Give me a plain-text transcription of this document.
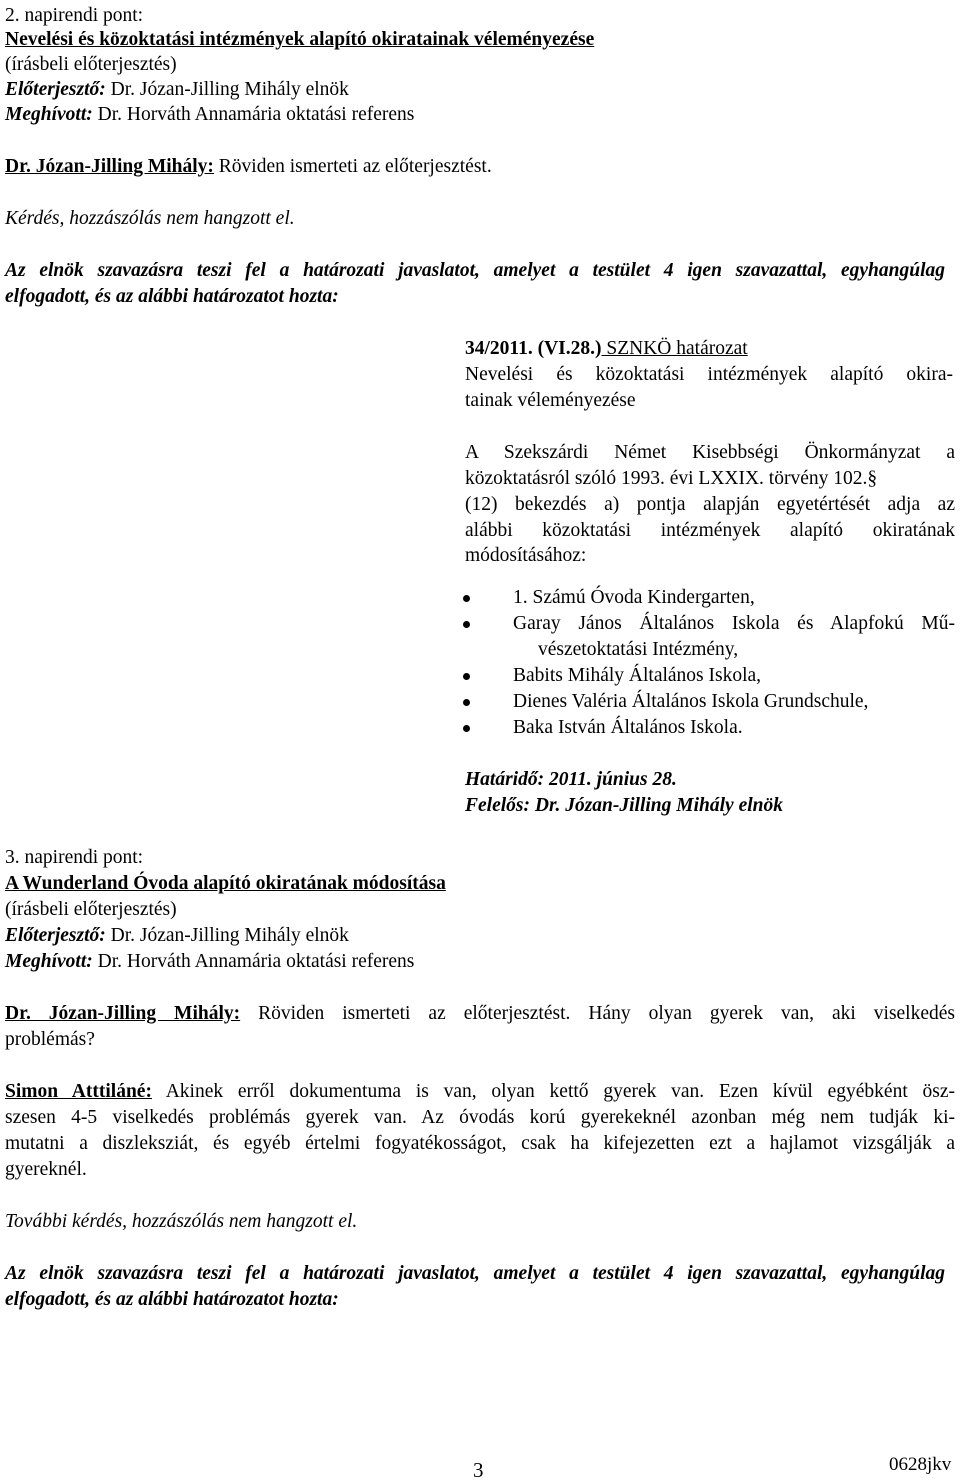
2. napirendi pont:
Nevelési és közoktatási intézmények alapító okiratainak véleményezése
(írásbeli előterjesztés)
Előterjesztő: Dr. Józan-Jilling Mihály elnök
Meghívott: Dr. Horváth Annamária oktatási referens
Dr. Józan-Jilling Mihály: Röviden ismerteti az előterjesztést.
Kérdés, hozzászólás nem hangzott el.
Az elnök szavazásra teszi fel a határozati javaslatot, amelyet a testület 4 igen szavazattal, egyhangúlag
elfogadott, és az alábbi határozatot hozta:
34/2011. (VI.28.) SZNKÖ határozat
Nevelési és közoktatási intézmények alapító okira-
tainak véleményezése
A Szekszárdi Német Kisebbségi Önkormányzat a
közoktatásról szóló 1993. évi LXXIX. törvény 102.§
(12) bekezdés a) pontja alapján egyetértését adja az
alábbi közoktatási intézmények alapító okiratának
módosításához:
1. Számú Óvoda Kindergarten,
Garay János Általános Iskola és Alapfokú Mű-
vészetoktatási Intézmény,
Babits Mihály Általános Iskola,
Dienes Valéria Általános Iskola Grundschule,
Baka István Általános Iskola.
Határidő: 2011. június 28.
Felelős: Dr. Józan-Jilling Mihály elnök
3. napirendi pont:
A Wunderland Óvoda alapító okiratának módosítása
(írásbeli előterjesztés)
Előterjesztő: Dr. Józan-Jilling Mihály elnök
Meghívott: Dr. Horváth Annamária oktatási referens
Dr. Józan-Jilling Mihály: Röviden ismerteti az előterjesztést. Hány olyan gyerek van, aki viselkedés
problémás?
Simon Atttiláné: Akinek erről dokumentuma is van, olyan kettő gyerek van. Ezen kívül egyébként ösz-
szesen 4-5 viselkedés problémás gyerek van. Az óvodás korú gyerekeknél azonban még nem tudják ki-
mutatni a diszleksziát, és egyéb értelmi fogyatékosságot, csak ha kifejezetten ezt a hajlamot vizsgálják a
gyereknél.
További kérdés, hozzászólás nem hangzott el.
Az elnök szavazásra teszi fel a határozati javaslatot, amelyet a testület 4 igen szavazattal, egyhangúlag
elfogadott, és az alábbi határozatot hozta:
3	0628jkv
